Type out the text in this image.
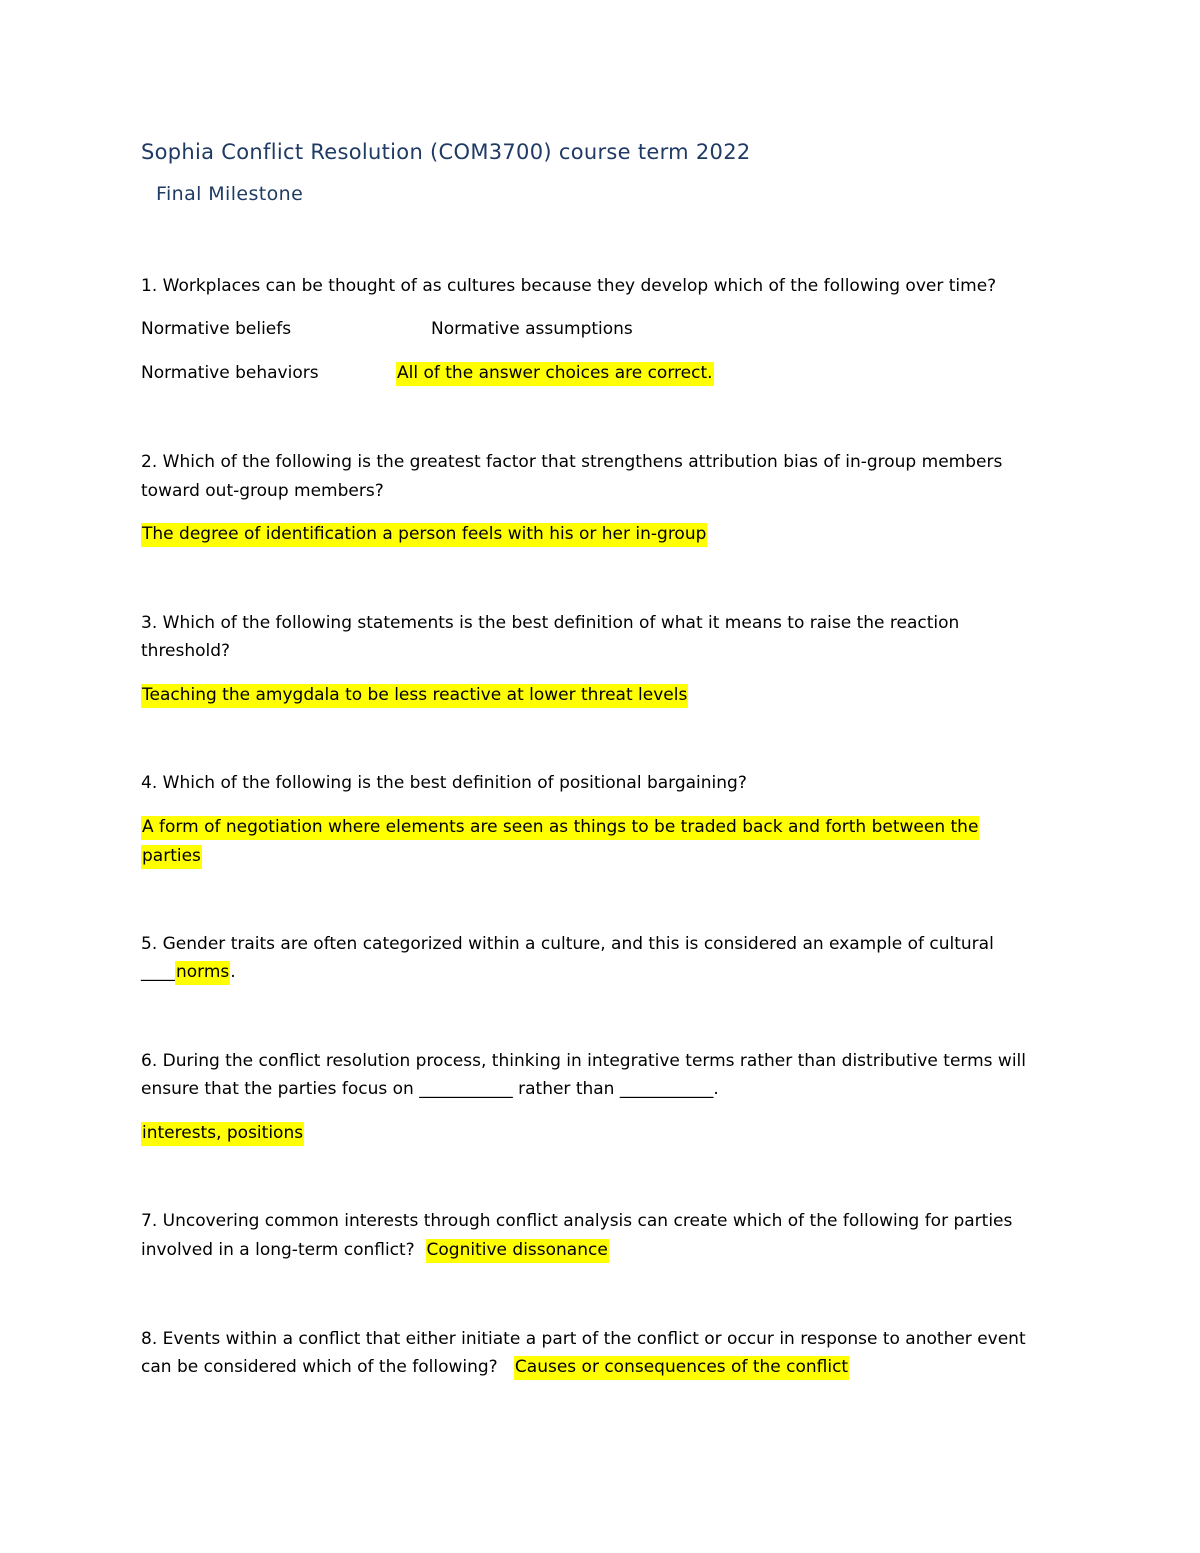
Sophia Conflict Resolution (COM3700) course term 2022
Final Milestone
1. Workplaces can be thought of as cultures because they develop which of the following over time?
Normative beliefs	Normative assumptions
Normative behaviors	All of the answer choices are correct.
2. Which of the following is the greatest factor that strengthens attribution bias of in-group members
toward out-group members?
The degree of identification a person feels with his or her in-group
3. Which of the following statements is the best definition of what it means to raise the reaction
threshold?
Teaching the amygdala to be less reactive at lower threat levels
4. Which of the following is the best definition of positional bargaining?
A form of negotiation where elements are seen as things to be traded back and forth between the
parties
5. Gender traits are often categorized within a culture, and this is considered an example of cultural
____norms.
6. During the conflict resolution process, thinking in integrative terms rather than distributive terms will
ensure that the parties focus on ___________ rather than ___________.
interests, positions
7. Uncovering common interests through conflict analysis can create which of the following for parties
involved in a long-term conflict? Cognitive dissonance
8. Events within a conflict that either initiate a part of the conflict or occur in response to another event
can be considered which of the following? Causes or consequences of the conflict
